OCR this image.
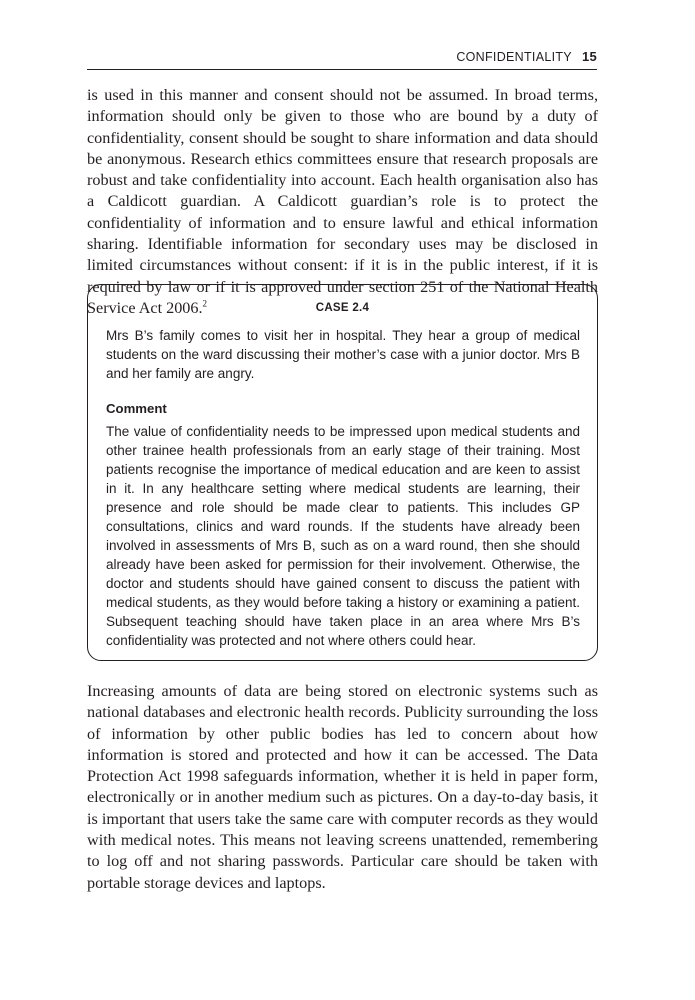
CONFIDENTIALITY 15

is used in this manner and consent should not be assumed. In broad terms, information should only be given to those who are bound by a duty of confidentiality, consent should be sought to share information and data should be anonymous. Research ethics committees ensure that research proposals are robust and take confidentiality into account. Each health organisation also has a Caldicott guardian. A Caldicott guardian’s role is to protect the confidentiality of information and to ensure lawful and ethical information sharing. Identifiable information for secondary uses may be disclosed in limited circumstances without consent: if it is in the public interest, if it is required by law or if it is approved under section 251 of the National Health Service Act 2006.$^2$	CASE 2.4

Mrs B’s family comes to visit her in hospital. They hear a group of medical students on the ward discussing their mother’s case with a junior doctor. Mrs B and her family are angry.

Comment

The value of confidentiality needs to be impressed upon medical students and other trainee health professionals from an early stage of their training. Most patients recognise the importance of medical education and are keen to assist in it. In any healthcare setting where medical students are learning, their presence and role should be made clear to patients. This includes GP consultations, clinics and ward rounds. If the students have already been involved in assessments of Mrs B, such as on a ward round, then she should already have been asked for permission for their involvement. Otherwise, the doctor and students should have gained consent to discuss the patient with medical students, as they would before taking a history or examining a patient. Subsequent teaching should have taken place in an area where Mrs B’s confidentiality was protected and not where others could hear.

Increasing amounts of data are being stored on electronic systems such as national databases and electronic health records. Publicity surrounding the loss of information by other public bodies has led to concern about how information is stored and protected and how it can be accessed. The Data Protection Act 1998 safeguards information, whether it is held in paper form, electronically or in another medium such as pictures. On a day-to-day basis, it is important that users take the same care with computer records as they would with medical notes. This means not leaving screens unattended, remembering to log off and not sharing passwords. Particular care should be taken with portable storage devices and laptops.
